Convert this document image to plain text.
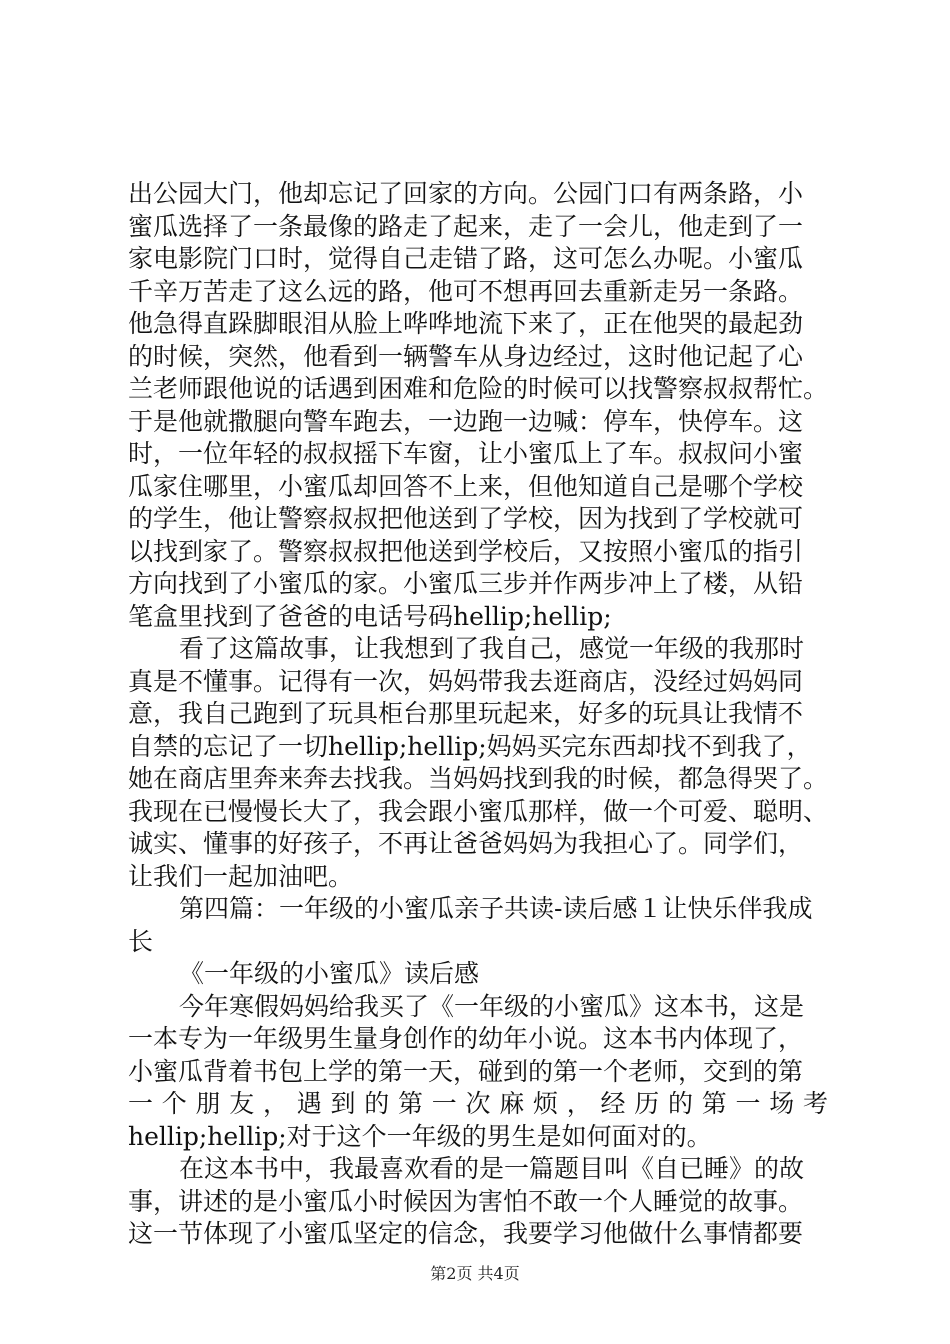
出公园大门，他却忘记了回家的方向。公园门口有两条路，小
蜜瓜选择了一条最像的路走了起来，走了一会儿，他走到了一
家电影院门口时，觉得自己走错了路，这可怎么办呢。小蜜瓜
千辛万苦走了这么远的路，他可不想再回去重新走另一条路。
他急得直跺脚眼泪从脸上哗哗地流下来了，正在他哭的最起劲
的时候，突然，他看到一辆警车从身边经过，这时他记起了心
兰老师跟他说的话遇到困难和危险的时候可以找警察叔叔帮忙。
于是他就撒腿向警车跑去，一边跑一边喊：停车，快停车。这
时，一位年轻的叔叔摇下车窗，让小蜜瓜上了车。叔叔问小蜜
瓜家住哪里，小蜜瓜却回答不上来，但他知道自己是哪个学校
的学生，他让警察叔叔把他送到了学校，因为找到了学校就可
以找到家了。警察叔叔把他送到学校后，又按照小蜜瓜的指引
方向找到了小蜜瓜的家。小蜜瓜三步并作两步冲上了楼，从铅
笔盒里找到了爸爸的电话号码hellip;hellip;
看了这篇故事，让我想到了我自己，感觉一年级的我那时
真是不懂事。记得有一次，妈妈带我去逛商店，没经过妈妈同
意，我自己跑到了玩具柜台那里玩起来，好多的玩具让我情不
自禁的忘记了一切hellip;hellip;妈妈买完东西却找不到我了，
她在商店里奔来奔去找我。当妈妈找到我的时候，都急得哭了。
我现在已慢慢长大了，我会跟小蜜瓜那样，做一个可爱、聪明、
诚实、懂事的好孩子，不再让爸爸妈妈为我担心了。同学们，
让我们一起加油吧。
第四篇：一年级的小蜜瓜亲子共读-读后感１让快乐伴我成
长
《一年级的小蜜瓜》读后感
今年寒假妈妈给我买了《一年级的小蜜瓜》这本书，这是
一本专为一年级男生量身创作的幼年小说。这本书内体现了，
小蜜瓜背着书包上学的第一天，碰到的第一个老师，交到的第
一 个 朋 友 ， 遇 到 的 第 一 次 麻 烦 ， 经 历 的 第 一 场 考
hellip;hellip;对于这个一年级的男生是如何面对的。
在这本书中，我最喜欢看的是一篇题目叫《自已睡》的故
事，讲述的是小蜜瓜小时候因为害怕不敢一个人睡觉的故事。
这一节体现了小蜜瓜坚定的信念，我要学习他做什么事情都要
第2页 共4页
